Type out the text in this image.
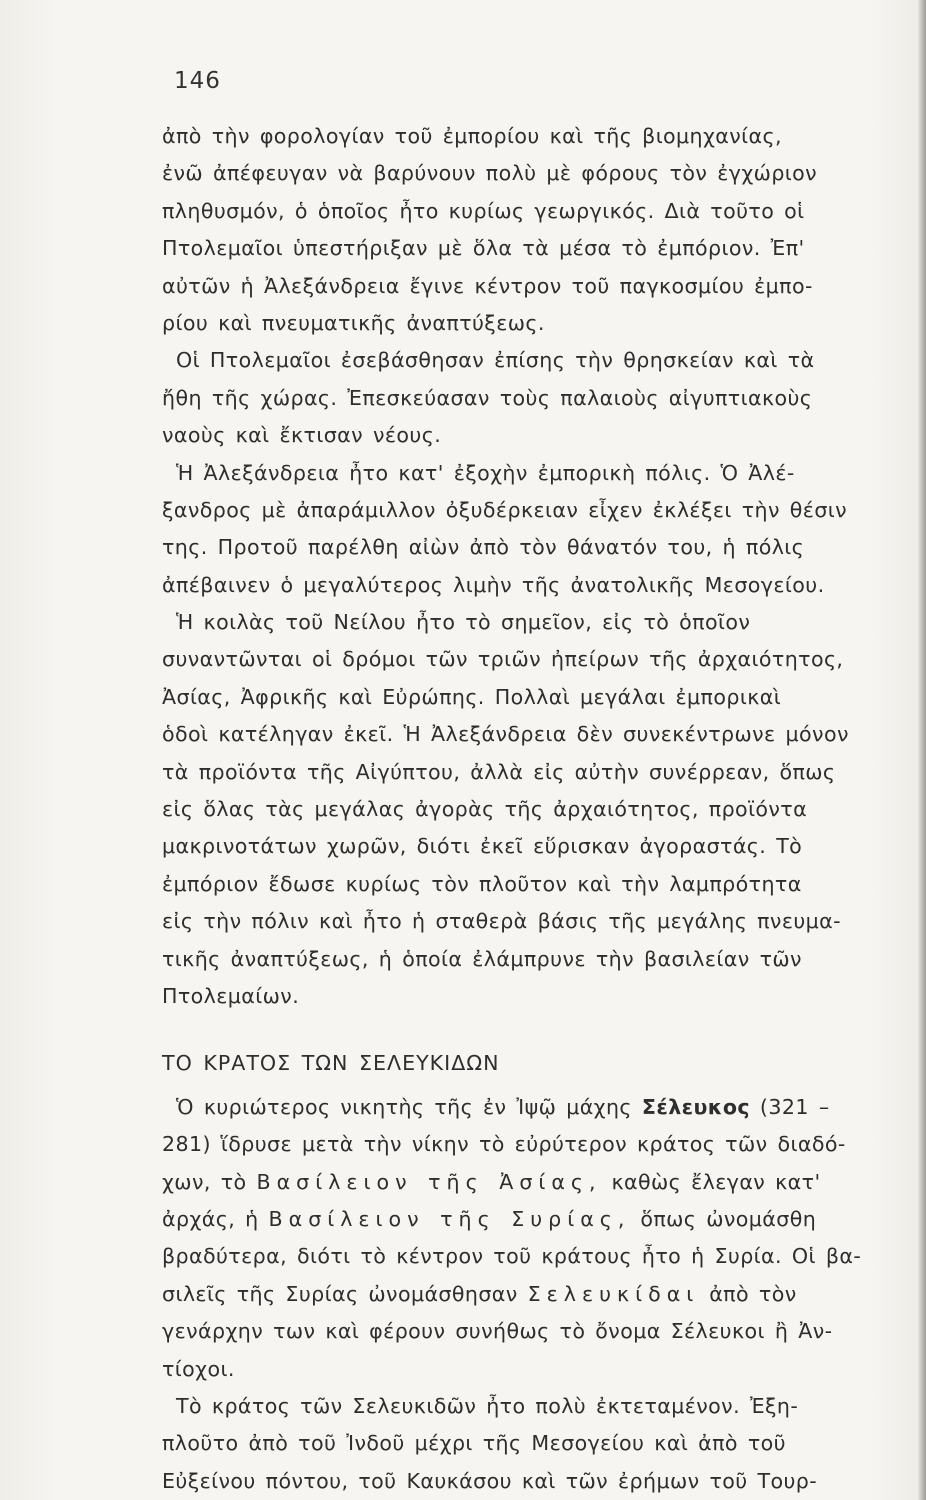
146
ἀπὸ τὴν φορολογίαν τοῦ ἐμπορίου καὶ τῆς βιομηχανίας,
ἐνῶ ἀπέφευγαν νὰ βαρύνουν πολὺ μὲ φόρους τὸν ἐγχώριον
πληθυσμόν, ὁ ὁποῖος ἦτο κυρίως γεωργικός. Διὰ τοῦτο οἱ
Πτολεμαῖοι ὑπεστήριξαν μὲ ὅλα τὰ μέσα τὸ ἐμπόριον. Ἐπ'
αὐτῶν ἡ Ἀλεξάνδρεια ἔγινε κέντρον τοῦ παγκοσμίου ἐμπο-
ρίου καὶ πνευματικῆς ἀναπτύξεως.
Οἱ Πτολεμαῖοι ἐσεβάσθησαν ἐπίσης τὴν θρησκείαν καὶ τὰ
ἤθη τῆς χώρας. Ἐπεσκεύασαν τοὺς παλαιοὺς αἰγυπτιακοὺς
ναοὺς καὶ ἔκτισαν νέους.
Ἡ Ἀλεξάνδρεια ἦτο κατ' ἐξοχὴν ἐμπορικὴ πόλις. Ὁ Ἀλέ-
ξανδρος μὲ ἀπαράμιλλον ὀξυδέρκειαν εἶχεν ἐκλέξει τὴν θέσιν
της. Προτοῦ παρέλθη αἰὼν ἀπὸ τὸν θάνατόν του, ἡ πόλις
ἀπέβαινεν ὁ μεγαλύτερος λιμὴν τῆς ἀνατολικῆς Μεσογείου.
Ἡ κοιλὰς τοῦ Νείλου ἦτο τὸ σημεῖον, εἰς τὸ ὁποῖον
συναντῶνται οἱ δρόμοι τῶν τριῶν ἠπείρων τῆς ἀρχαιότητος,
Ἀσίας, Ἀφρικῆς καὶ Εὐρώπης. Πολλαὶ μεγάλαι ἐμπορικαὶ
ὁδοὶ κατέληγαν ἐκεῖ. Ἡ Ἀλεξάνδρεια δὲν συνεκέντρωνε μόνον
τὰ προϊόντα τῆς Αἰγύπτου, ἀλλὰ εἰς αὐτὴν συνέρρεαν, ὅπως
εἰς ὅλας τὰς μεγάλας ἀγορὰς τῆς ἀρχαιότητος, προϊόντα
μακρινοτάτων χωρῶν, διότι ἐκεῖ εὕρισκαν ἀγοραστάς. Τὸ
ἐμπόριον ἔδωσε κυρίως τὸν πλοῦτον καὶ τὴν λαμπρότητα
εἰς τὴν πόλιν καὶ ἦτο ἡ σταθερὰ βάσις τῆς μεγάλης πνευμα-
τικῆς ἀναπτύξεως, ἡ ὁποία ἐλάμπρυνε τὴν βασιλείαν τῶν
Πτολεμαίων.
ΤΟ ΚΡΑΤΟΣ ΤΩΝ ΣΕΛΕΥΚΙΔΩΝ
Ὁ κυριώτερος νικητὴς τῆς ἐν Ἰψῷ μάχης Σέλευκος (321 –
281) ἵδρυσε μετὰ τὴν νίκην τὸ εὐρύτερον κράτος τῶν διαδό-
χων, τὸ Βασίλειον τῆς Ἀσίας, καθὼς ἔλεγαν κατ'
ἀρχάς, ἡ Βασίλειον τῆς Συρίας, ὅπως ὠνομάσθη
βραδύτερα, διότι τὸ κέντρον τοῦ κράτους ἦτο ἡ Συρία. Οἱ βα-
σιλεῖς τῆς Συρίας ὠνομάσθησαν Σελευκίδαι ἀπὸ τὸν
γενάρχην των καὶ φέρουν συνήθως τὸ ὄνομα Σέλευκοι ἢ Ἀν-
τίοχοι.
Τὸ κράτος τῶν Σελευκιδῶν ἦτο πολὺ ἐκτεταμένον. Ἐξη-
πλοῦτο ἀπὸ τοῦ Ἰνδοῦ μέχρι τῆς Μεσογείου καὶ ἀπὸ τοῦ
Εὐξείνου πόντου, τοῦ Καυκάσου καὶ τῶν ἐρήμων τοῦ Τουρ-
